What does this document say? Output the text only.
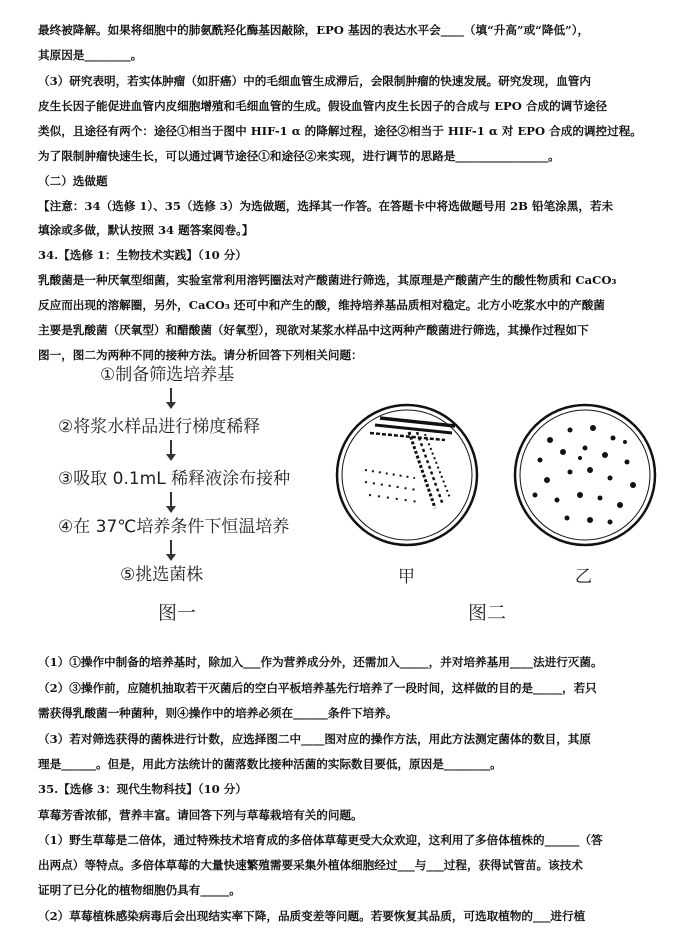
最终被降解。如果将细胞中的肺氨酰羟化酶基因敲除，EPO 基因的表达水平会____（填“升高”或“降低”），
其原因是________。
（3）研究表明，若实体肿瘤（如肝癌）中的毛细血管生成滞后，会限制肿瘤的快速发展。研究发现，血管内
皮生长因子能促进血管内皮细胞增殖和毛细血管的生成。假设血管内皮生长因子的合成与 EPO 合成的调节途径
类似，且途径有两个：途径①相当于图中 HIF-1 α 的降解过程，途径②相当于 HIF-1 α 对 EPO 合成的调控过程。
为了限制肿瘤快速生长，可以通过调节途径①和途径②来实现，进行调节的思路是________________。
（二）选做题
【注意：34（选修 1）、35（选修 3）为选做题，选择其一作答。在答题卡中将选做题号用 2B 铅笔涂黑，若未
填涂或多做，默认按照 34 题答案阅卷。】
34.【选修 1：生物技术实践】（10 分）
乳酸菌是一种厌氧型细菌，实验室常利用溶钙圈法对产酸菌进行筛选，其原理是产酸菌产生的酸性物质和 CaCO₃
反应而出现的溶解圈，另外，CaCO₃ 还可中和产生的酸，维持培养基品质相对稳定。北方小吃浆水中的产酸菌
主要是乳酸菌（厌氧型）和醋酸菌（好氧型），现欲对某浆水样品中这两种产酸菌进行筛选，其操作过程如下
图一，图二为两种不同的接种方法。请分析回答下列相关问题：
①制备筛选培养基
②将浆水样品进行梯度稀释
③吸取 0.1mL 稀释液涂布接种
④在 37℃培养条件下恒温培养
⑤挑选菌株
图一
甲	乙
图二
（1）①操作中制备的培养基时，除加入___作为营养成分外，还需加入_____，并对培养基用____法进行灭菌。
（2）③操作前，应随机抽取若干灭菌后的空白平板培养基先行培养了一段时间，这样做的目的是_____，若只
需获得乳酸菌一种菌种，则④操作中的培养必须在______条件下培养。
（3）若对筛选获得的菌株进行计数，应选择图二中____图对应的操作方法，用此方法测定菌体的数目，其原
理是______。但是，用此方法统计的菌落数比接种活菌的实际数目要低，原因是________。
35.【选修 3：现代生物科技】（10 分）
草莓芳香浓郁，营养丰富。请回答下列与草莓栽培有关的问题。
（1）野生草莓是二倍体，通过特殊技术培育成的多倍体草莓更受大众欢迎，这利用了多倍体植株的______（答
出两点）等特点。多倍体草莓的大量快速繁殖需要采集外植体细胞经过___与___过程，获得试管苗。该技术
证明了已分化的植物细胞仍具有_____。
（2）草莓植株感染病毒后会出现结实率下降，品质变差等问题。若要恢复其品质，可选取植物的___进行植
